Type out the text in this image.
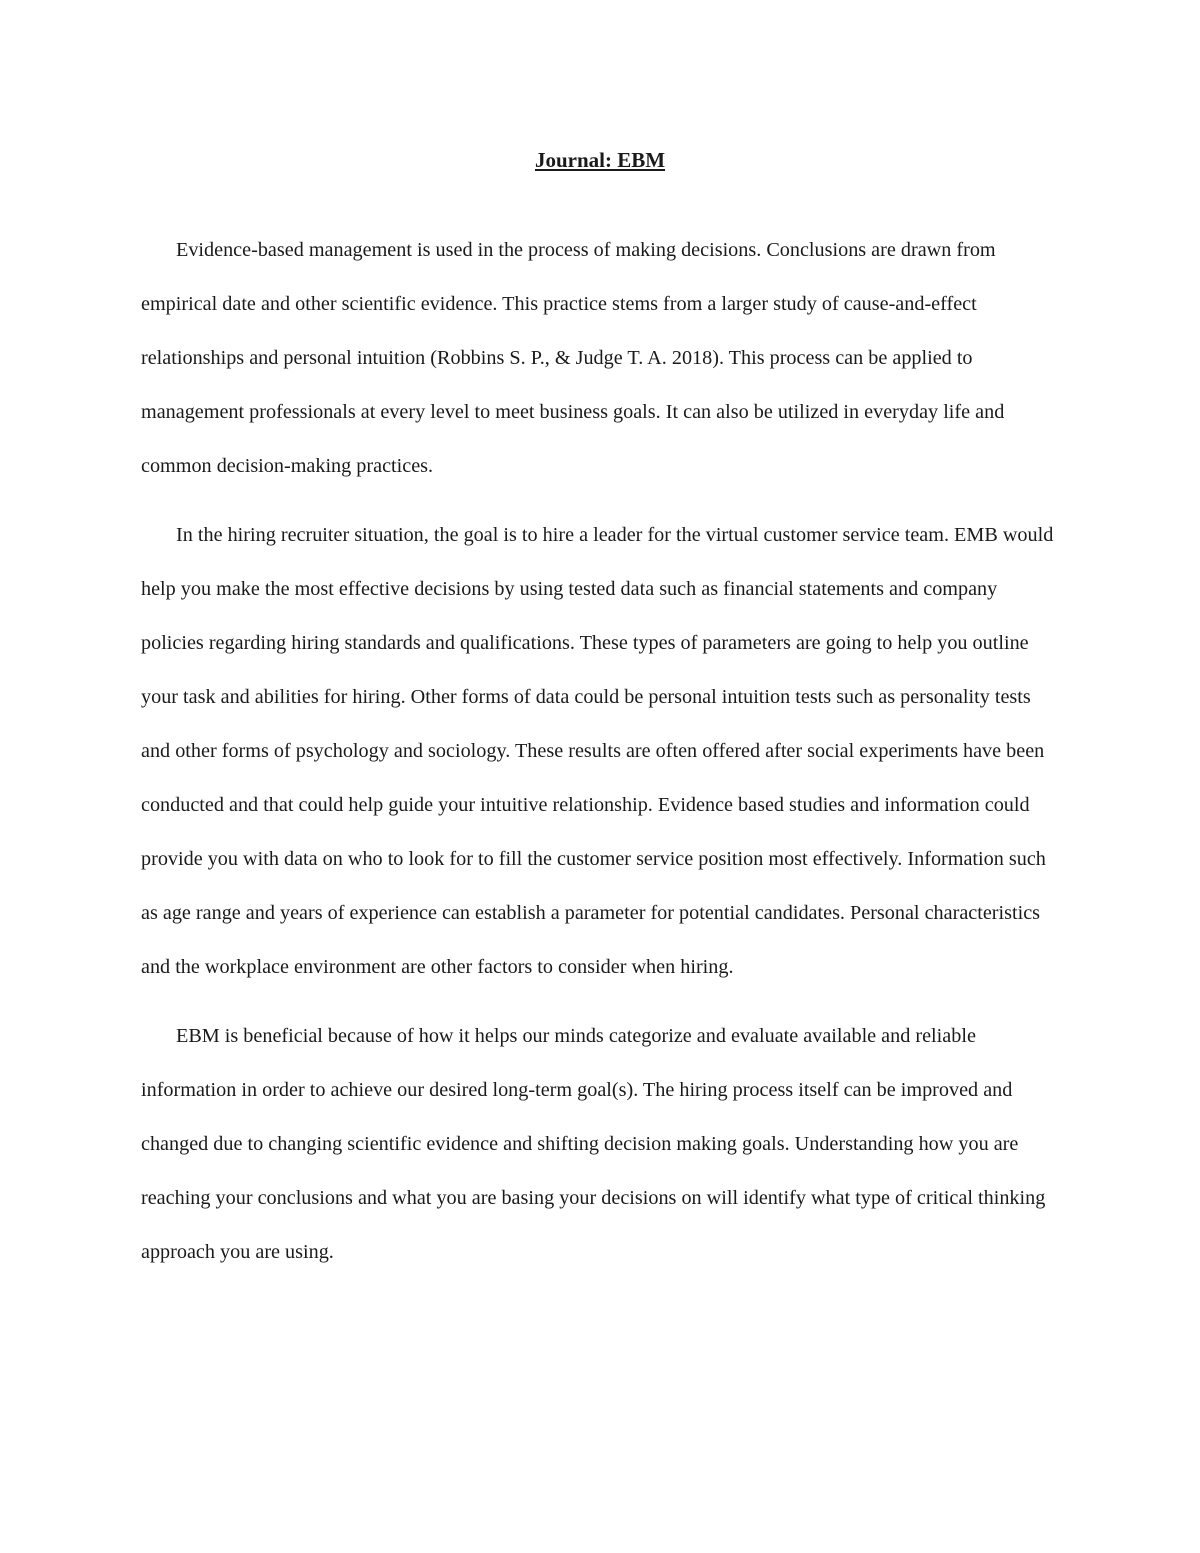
Journal: EBM

Evidence-based management is used in the process of making decisions. Conclusions are drawn from empirical date and other scientific evidence. This practice stems from a larger study of cause-and-effect relationships and personal intuition (Robbins S. P., & Judge T. A. 2018). This process can be applied to management professionals at every level to meet business goals. It can also be utilized in everyday life and common decision-making practices.

In the hiring recruiter situation, the goal is to hire a leader for the virtual customer service team. EMB would help you make the most effective decisions by using tested data such as financial statements and company policies regarding hiring standards and qualifications. These types of parameters are going to help you outline your task and abilities for hiring. Other forms of data could be personal intuition tests such as personality tests and other forms of psychology and sociology. These results are often offered after social experiments have been conducted and that could help guide your intuitive relationship. Evidence based studies and information could provide you with data on who to look for to fill the customer service position most effectively. Information such as age range and years of experience can establish a parameter for potential candidates. Personal characteristics and the workplace environment are other factors to consider when hiring.

EBM is beneficial because of how it helps our minds categorize and evaluate available and reliable information in order to achieve our desired long-term goal(s). The hiring process itself can be improved and changed due to changing scientific evidence and shifting decision making goals. Understanding how you are reaching your conclusions and what you are basing your decisions on will identify what type of critical thinking approach you are using.
